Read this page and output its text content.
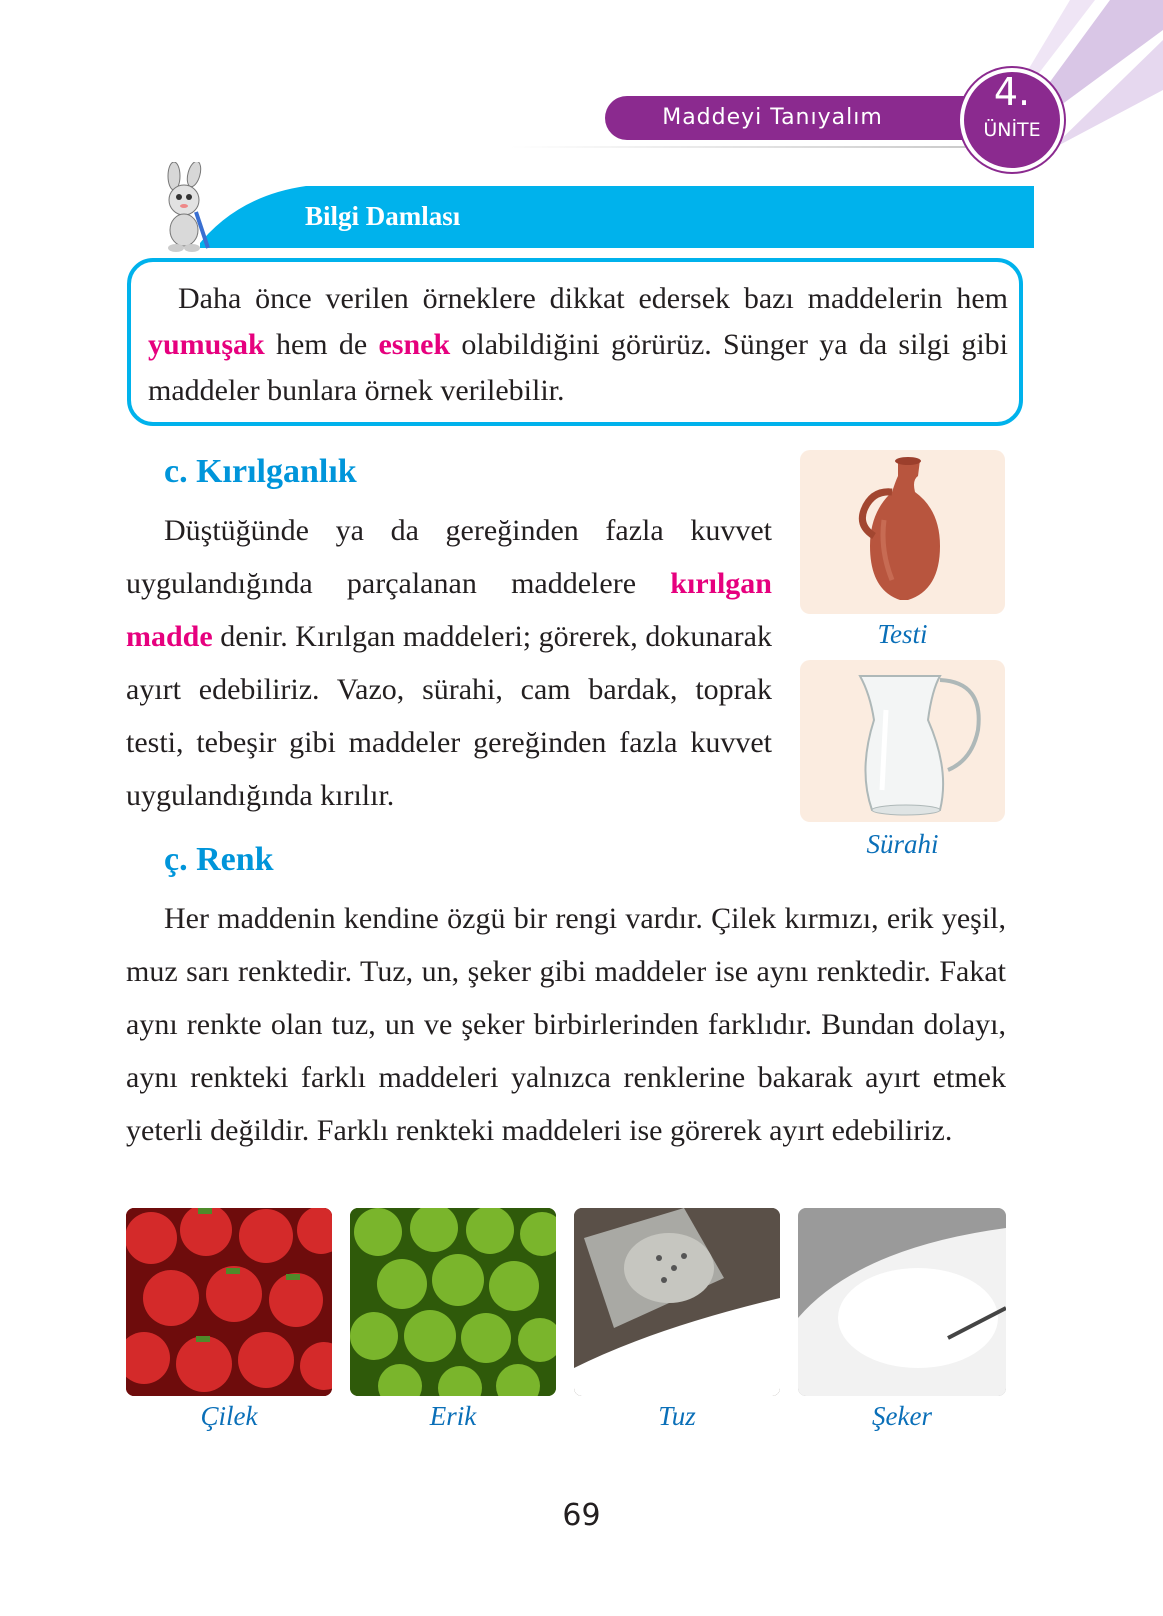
Maddeyi Tanıyalım
4.
ÜNİTE
Bilgi Damlası
Daha önce verilen örneklere dikkat edersek bazı maddelerin hem yumuşak hem de esnek olabildiğini görürüz. Sünger ya da silgi gibi maddeler bunlara örnek verilebilir.
c. Kırılganlık
Düştüğünde ya da gereğinden fazla kuvvet uygulandığında parçalanan maddelere kırılgan madde denir. Kırılgan maddeleri; görerek, dokunarak ayırt edebiliriz. Vazo, sürahi, cam bardak, toprak testi, tebeşir gibi maddeler gereğinden fazla kuvvet uygulandığında kırılır.
Testi
Sürahi
ç. Renk
Her maddenin kendine özgü bir rengi vardır. Çilek kırmızı, erik yeşil, muz sarı renktedir. Tuz, un, şeker gibi maddeler ise aynı renktedir. Fakat aynı renkte olan tuz, un ve şeker birbirlerinden farklıdır. Bundan dolayı, aynı renkteki farklı maddeleri yalnızca renklerine bakarak ayırt etmek yeterli değildir. Farklı renkteki maddeleri ise görerek ayırt edebiliriz.
Çilek	Erik	Tuz	Şeker
69
